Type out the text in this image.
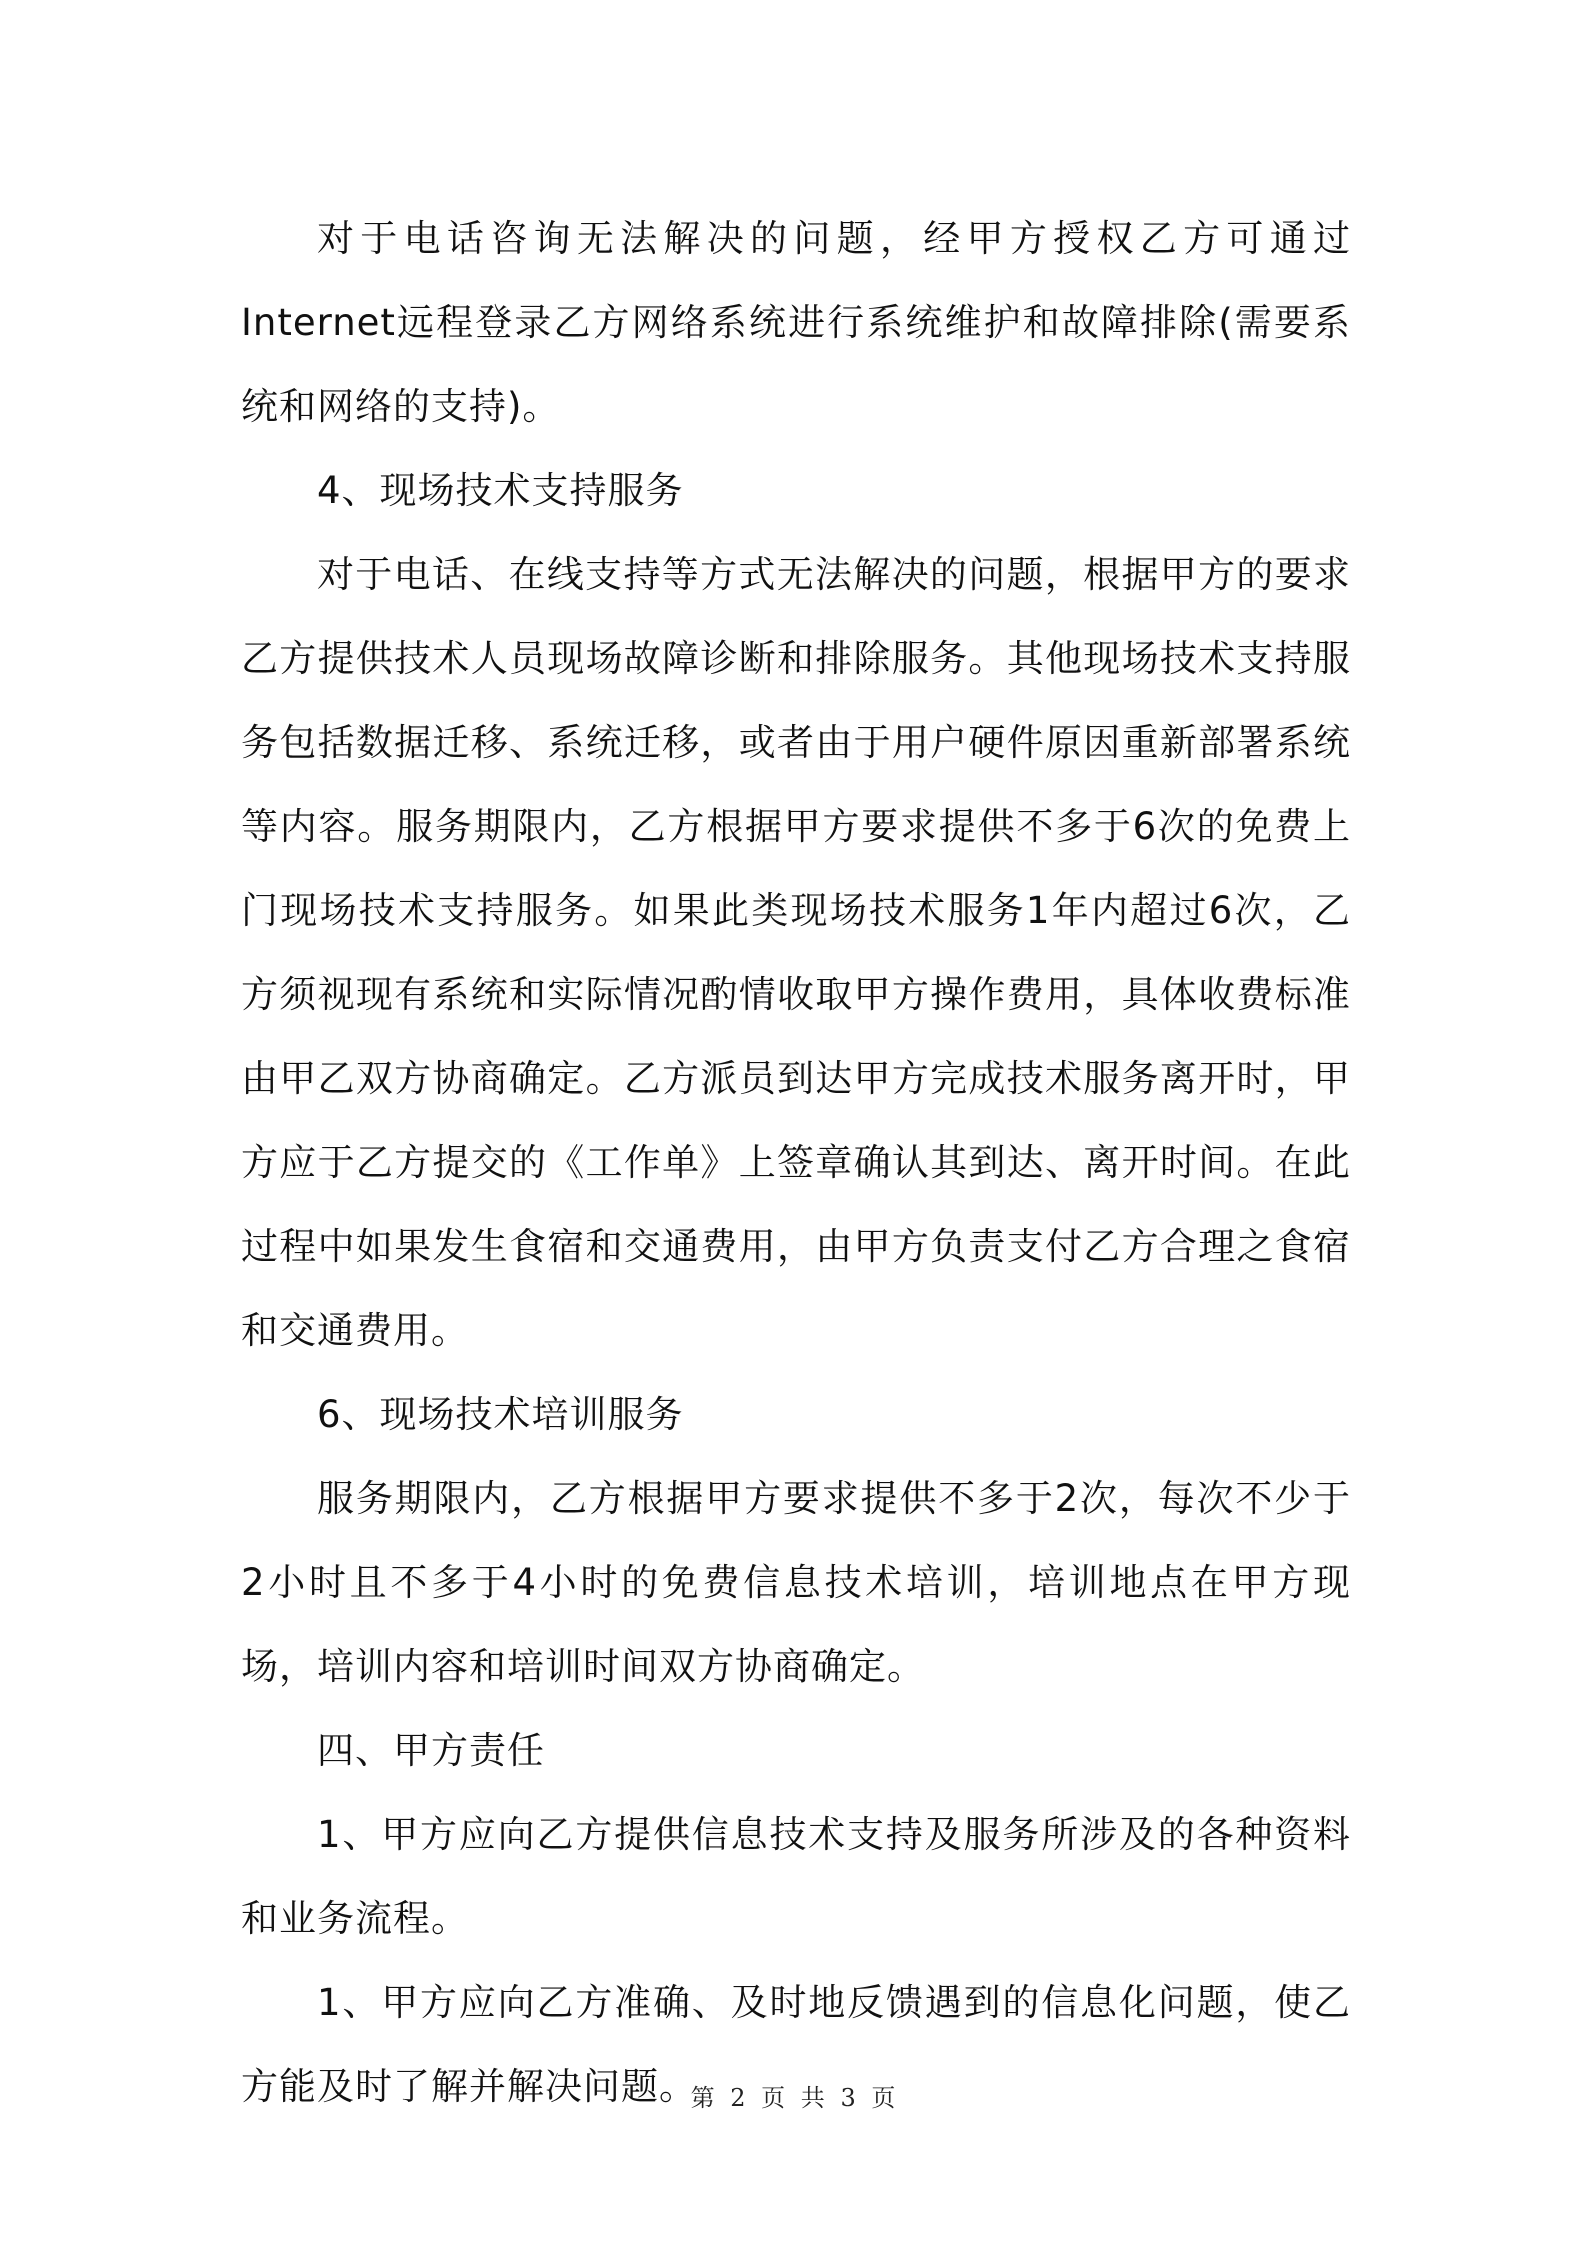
对于电话咨询无法解决的问题，经甲方授权乙方可通过Internet远程登录乙方网络系统进行系统维护和故障排除(需要系统和网络的支持)。

4、现场技术支持服务

对于电话、在线支持等方式无法解决的问题，根据甲方的要求乙方提供技术人员现场故障诊断和排除服务。其他现场技术支持服务包括数据迁移、系统迁移，或者由于用户硬件原因重新部署系统等内容。服务期限内，乙方根据甲方要求提供不多于6次的免费上门现场技术支持服务。如果此类现场技术服务1年内超过6次，乙方须视现有系统和实际情况酌情收取甲方操作费用，具体收费标准由甲乙双方协商确定。乙方派员到达甲方完成技术服务离开时，甲方应于乙方提交的《工作单》上签章确认其到达、离开时间。在此过程中如果发生食宿和交通费用，由甲方负责支付乙方合理之食宿和交通费用。

6、现场技术培训服务

服务期限内，乙方根据甲方要求提供不多于2次，每次不少于2小时且不多于4小时的免费信息技术培训，培训地点在甲方现场，培训内容和培训时间双方协商确定。

四、甲方责任

1、甲方应向乙方提供信息技术支持及服务所涉及的各种资料和业务流程。

1、甲方应向乙方准确、及时地反馈遇到的信息化问题，使乙方能及时了解并解决问题。

第 2 页 共 3 页
